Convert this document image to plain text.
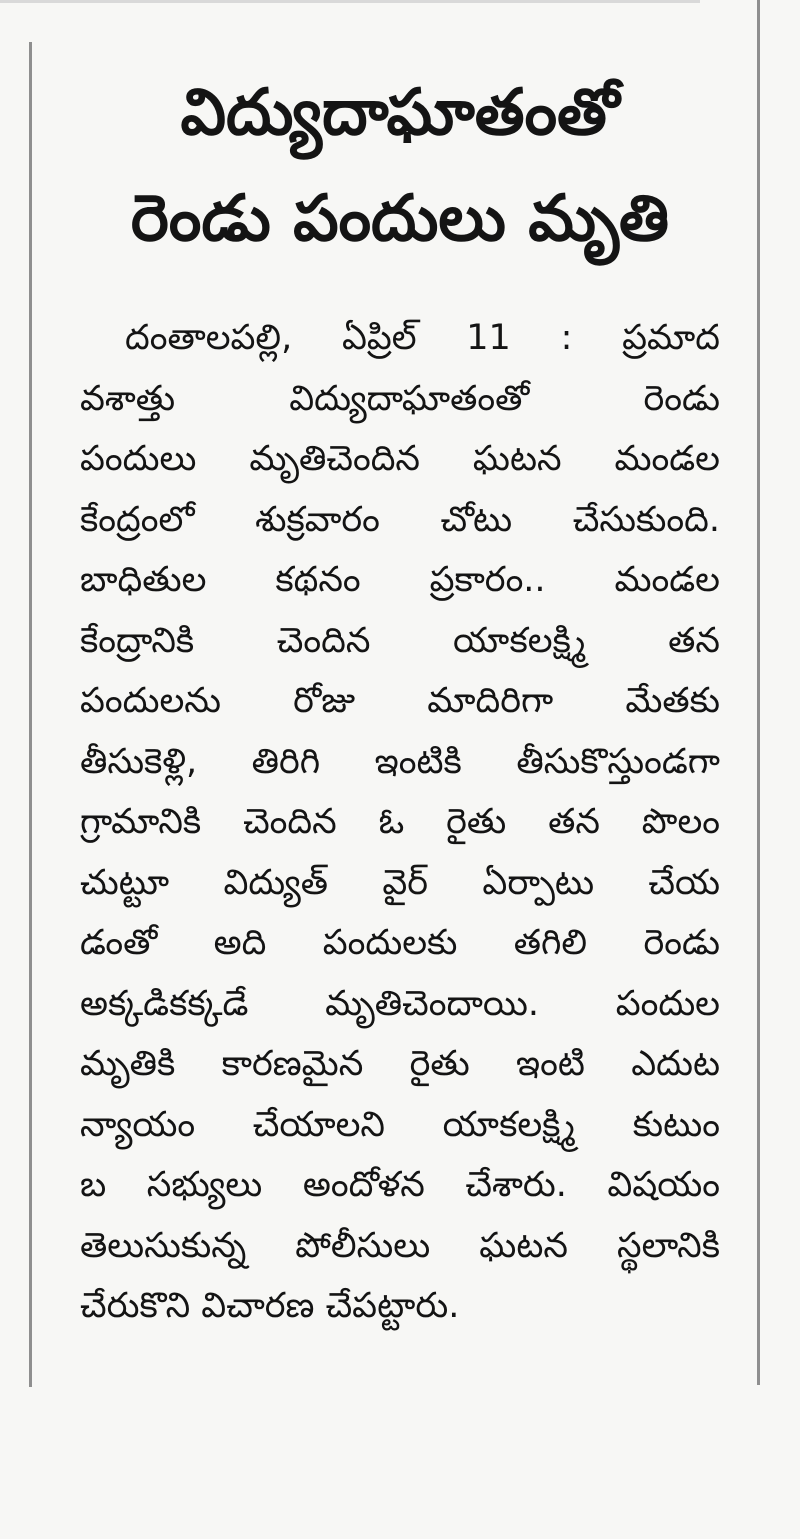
విద్యుదాఘాతంతో
రెండు పందులు మృతి

దంతాలపల్లి, ఏప్రిల్ 11 : ప్రమాద
వశాత్తు విద్యుదాఘాతంతో రెండు
పందులు మృతిచెందిన ఘటన మండల
కేంద్రంలో శుక్రవారం చోటు చేసుకుంది.
బాధితుల కథనం ప్రకారం.. మండల
కేంద్రానికి చెందిన యాకలక్ష్మి తన
పందులను రోజు మాదిరిగా మేతకు
తీసుకెళ్లి, తిరిగి ఇంటికి తీసుకొస్తుండగా
గ్రామానికి చెందిన ఓ రైతు తన పొలం
చుట్టూ విద్యుత్ వైర్ ఏర్పాటు చేయ
డంతో అది పందులకు తగిలి రెండు
అక్కడికక్కడే మృతిచెందాయి. పందుల
మృతికి కారణమైన రైతు ఇంటి ఎదుట
న్యాయం చేయాలని యాకలక్ష్మి కుటుం
బ సభ్యులు అందోళన చేశారు. విషయం
తెలుసుకున్న పోలీసులు ఘటన స్థలానికి
చేరుకొని విచారణ చేపట్టారు.
